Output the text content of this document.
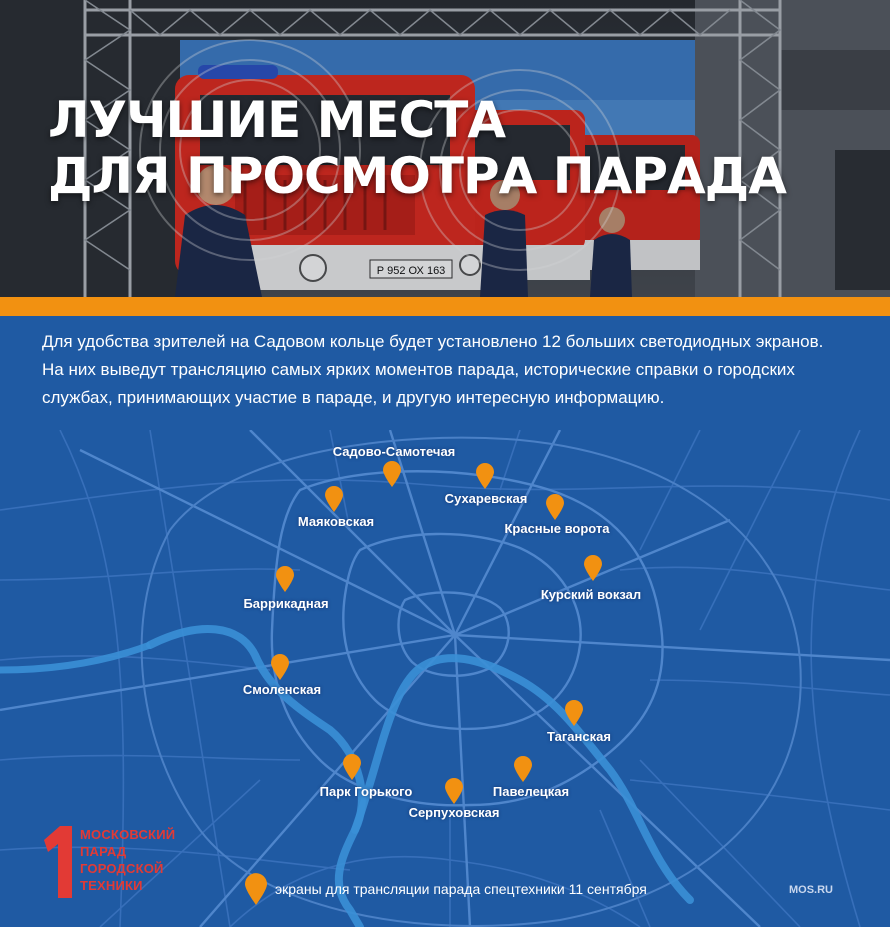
ЛУЧШИЕ МЕСТА
ДЛЯ ПРОСМОТРА ПАРАДА

Для удобства зрителей на Садовом кольце будет установлено 12 больших светодиодных экранов. На них выведут трансляцию самых ярких моментов парада, исторические справки о городских службах, принимающих участие в параде, и другую интересную информацию.

Садово-Самотечая
Сухаревская
Маяковская	Красные ворота
Курский вокзал
Баррикадная
Смоленская
Таганская
Парк Горького	Павелецкая
Серпуховская
МОСКОВСКИЙ
ПАРАД
ГОРОДСКОЙ
ТЕХНИКИ	экраны для трансляции парада спецтехники 11 сентября	MOS.RU
